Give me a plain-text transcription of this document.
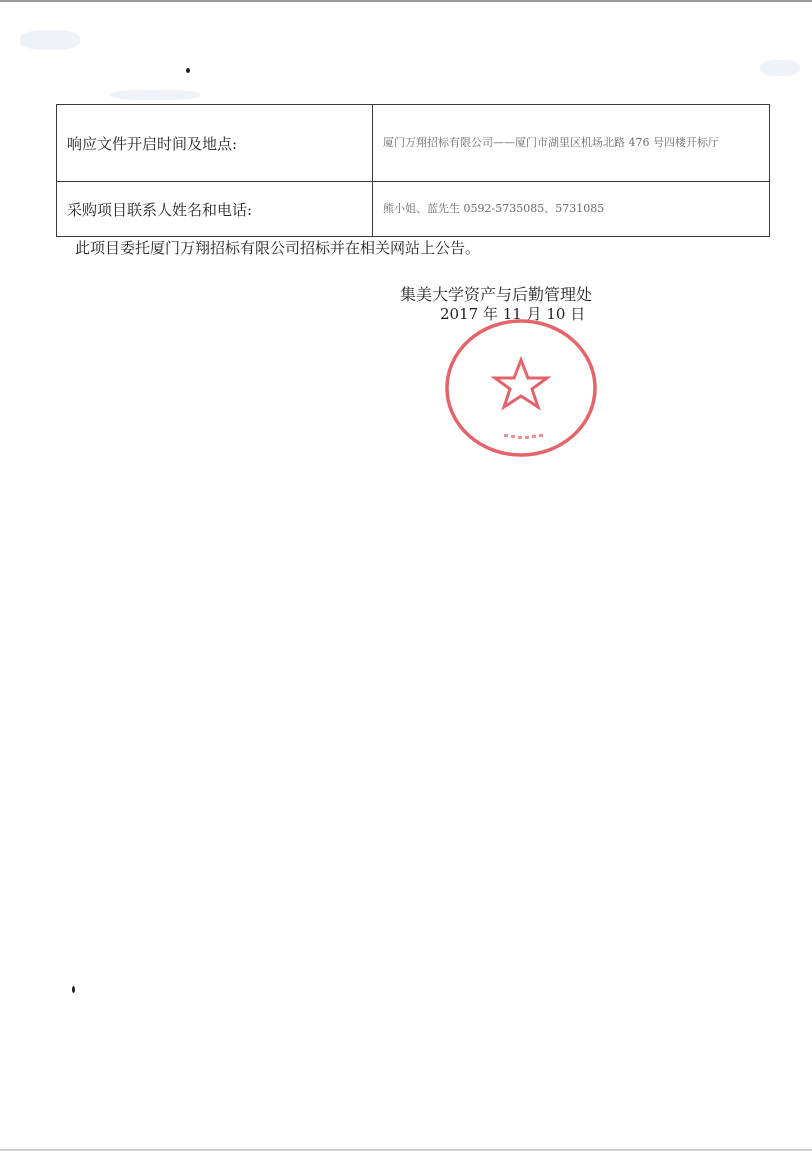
响应文件开启时间及地点:	厦门万翔招标有限公司——厦门市湖里区机场北路 476 号四楼开标厅
采购项目联系人姓名和电话:	熊小姐、蓝先生 0592-5735085、5731085
此项目委托厦门万翔招标有限公司招标并在相关网站上公告。
集美大学资产与后勤管理处
2017 年 11 月 10 日
